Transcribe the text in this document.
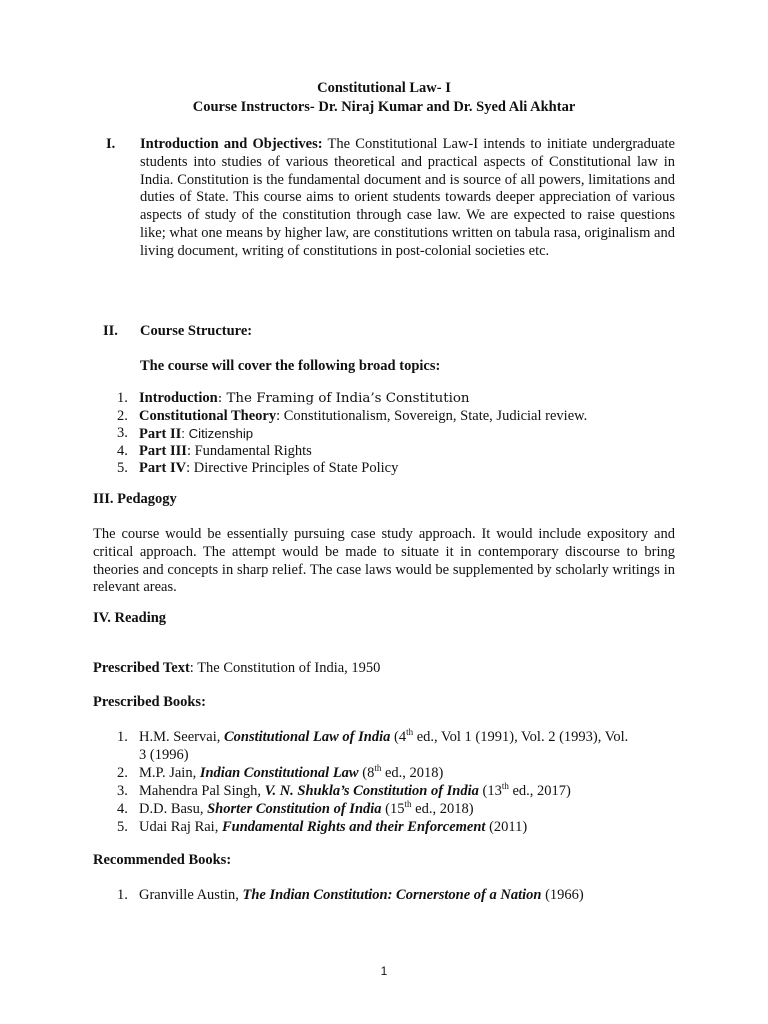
Constitutional Law- I
Course Instructors- Dr. Niraj Kumar and Dr. Syed Ali Akhtar
I. Introduction and Objectives: The Constitutional Law-I intends to initiate undergraduate students into studies of various theoretical and practical aspects of Constitutional law in India. Constitution is the fundamental document and is source of all powers, limitations and duties of State. This course aims to orient students towards deeper appreciation of various aspects of study of the constitution through case law. We are expected to raise questions like; what one means by higher law, are constitutions written on tabula rasa, originalism and living document, writing of constitutions in post-colonial societies etc.
II. Course Structure:
The course will cover the following broad topics:
1. Introduction: The Framing of India’s Constitution
2. Constitutional Theory: Constitutionalism, Sovereign, State, Judicial review.
3. Part II: Citizenship
4. Part III: Fundamental Rights
5. Part IV: Directive Principles of State Policy
III. Pedagogy
The course would be essentially pursuing case study approach. It would include expository and critical approach. The attempt would be made to situate it in contemporary discourse to bring theories and concepts in sharp relief. The case laws would be supplemented by scholarly writings in relevant areas.
IV. Reading
Prescribed Text: The Constitution of India, 1950
Prescribed Books:
1. H.M. Seervai, Constitutional Law of India (4th ed., Vol 1 (1991), Vol. 2 (1993), Vol.
3 (1996)
2. M.P. Jain, Indian Constitutional Law (8th ed., 2018)
3. Mahendra Pal Singh, V. N. Shukla’s Constitution of India (13th ed., 2017)
4. D.D. Basu, Shorter Constitution of India (15th ed., 2018)
5. Udai Raj Rai, Fundamental Rights and their Enforcement (2011)
Recommended Books:
1. Granville Austin, The Indian Constitution: Cornerstone of a Nation (1966)
1
